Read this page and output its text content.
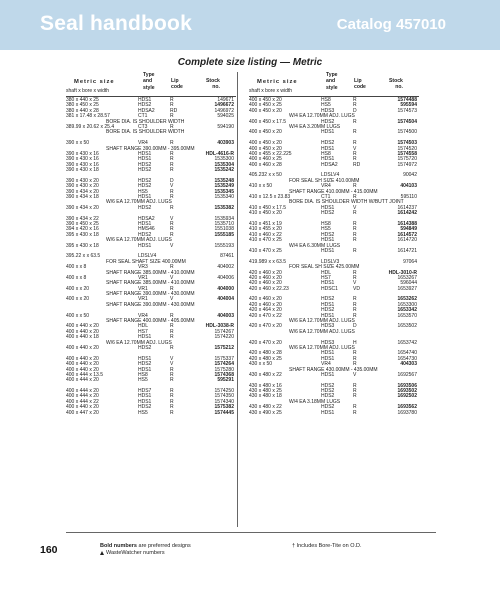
Seal handbook	Catalog 457010
Complete size listing — Metric
Metric size
shaft x bore x width
Type
and
style
Lip
code
Stock
no.
380 x 440 x 25	HDS1	R	149671
380 x 450 x 25	HDS2	R	1496672
380 x 440 x 28	HDSA2	RD	1496972
381 x 17.48 x 28.57	CT1	R	594025
BORE DIA. IS SHOULDER WIDTH
389.99 x 20.62 x 25.4	CT3	R	594190
BORE DIA. IS SHOULDER WIDTH
390 x x 50	VR4	R	403903
SHAFT RANGE 390.00MM - 395.00MM
390 x 430 x 16	HDS1	R	HDL-4616-R
390 x 430 x 16	HDS1	R	1535300
390 x 430 x 16	HDS2	R	1535304
390 x 430 x 18	HDS2	R	1535242
390 x 430 x 20	HDS2	D	1535248
390 x 430 x 20	HDS2	V	1535249
390 x 434 x 20	HS5	R	1535345
390 x 434 x 18	HDS1	R	1535340
W/6 EA 12.70MM ADJ. LUGS
390 x 434 x 20	HDS2	R	1535382
390 x 434 x 22	HDSA2	V	1535934
390 x 450 x 25	HDS1	R	1535710
394 x 420 x 16	HMS46	R	1551038
395 x 430 x 18	HDS2	R	1555185
W/6 EA 12.70MM ADJ. LUGS
395 x 430 x 18	HDS1	V	1555193
395.22 x x 63.5	LDSLV4	87461
FOR SEAL SHAFT SIZE 400.00MM
400 x x 8	VR3	R	404002
SHAFT RANGE 385.00MM - 410.00MM
400 x x 8	VR1	V	404006
SHAFT RANGE 385.00MM - 410.00MM
400 x x 20	VR1	R	404000
SHAFT RANGE 390.00MM - 430.00MM
400 x x 20	VR1	V	404004
SHAFT RANGE 390.00MM - 430.00MM
400 x x 50	VR4	R	404003
SHAFT RANGE 400.00MM - 405.00MM
400 x 440 x 20	HDL	R	HDL-3038-R
400 x 440 x 20	HS7	R	1574267
400 x 440 x 18	HDS1	R	1574220
W/6 EA 12.70MM ADJ. LUGS
400 x 440 x 20	HDS2	R	1575212
400 x 440 x 20	HDS1	V	1575337
400 x 440 x 20	HDS2	V	1574264
400 x 440 x 20	HDS1	R	1575280
400 x 444 x 13.5	HS8	R	1574368
400 x 444 x 20	HS5	R	595291
400 x 444 x 20	HDS7	R	1574250
400 x 444 x 20	HDS1	R	1574350
400 x 444 x 22	HDS1	R	1574340
400 x 440 x 20	HDS2	R	1575382
400 x 447 x 20	HS5	R	1574445
Metric size
shaft x bore x width
Type
and
style
Lip
code
Stock
no.
400 x 450 x 20	HS8	R	1574488
400 x 450 x 25	HS5	R	595594
400 x 450 x 20	HDS3	D	1574573
W/4 EA 12.70MM ADJ. LUGS
400 x 450 x 17.5	HDS2	R	1574504
W/4 EA 3.20MM LUGS
400 x 450 x 20	HDS1	R	1574500
400 x 450 x 20	HDS2	R	1574503
400 x 450 x 20	HDS1	V	1574520
400 x 455 x 22.225	HS8	R	1574558
400 x 460 x 25	HDS1	R	1575720
400 x 460 x 28	HDSA2	RD	1574972
405.232 x x 50	LDSLV4	90042
FOR SEAL SH SIZE 410.00MM
410 x x 50	VR4	R	404103
SHAFT RANGE 410.00MM - 415.00MM
410 x 12.5 x 23.83	CT1	R	595110
BORE DIA. IS SHOULDER WIDTH W/BUTT JOINT
410 x 450 x 17.5	HDS1	V	1614237
410 x 450 x 20	HDS2	R	1614242
410 x 451 x 19	HS8	R	1614388
410 x 455 x 20	HS5	R	594849
410 x 460 x 22	HDS2	R	1614572
410 x 470 x 25	HDS1	R	1614720
W/4 EA 6.30MM LUGS
410 x 470 x 25	HDS1	R	1614721
419.989 x x 63.5	LDSLV3	97064
FOR SEAL SH SIZE 425.00MM
420 x 460 x 20	HDL	R	HDL-3010-R
420 x 460 x 20	HS7	R	1653267
420 x 460 x 20	HDS1	V	596044
420 x 460 x 22.23	HDSC1	VD	1653927
420 x 460 x 20	HDS2	R	1653262
420 x 460 x 20	HDS1	R	1653300
420 x 464 x 20	HDS2	R	1653342
420 x 470 x 22	HDS1	R	1653570
W/6 EA 12.70MM ADJ. LUGS
420 x 470 x 20	HDS3	D	1653502
W/6 EA 12.70MM ADJ. LUGS
420 x 470 x 20	HDS3	H	1653742
W/6 EA 12.70MM ADJ. LUGS
420 x 480 x 28	HDS1	R	1654740
420 x 480 x 25	HDS1	R	1654730
430 x x 50	VR4	R	404303
SHAFT RANGE 430.00MM - 435.00MM
430 x 480 x 22	HDS1	V	1692567
430 x 480 x 16	HDS2	R	1693506
430 x 480 x 25	HDS2	R	1693502
430 x 480 x 18	HDS2	R	1692502
W/4 EA 3.18MM LUGS
430 x 480 x 22	HDS2	R	1693562
430 x 490 x 25	HDS1	R	1693780
160	Bold numbers are preferred designs
WasteWatcher numbers
† Includes Bore-Tite on O.D.
